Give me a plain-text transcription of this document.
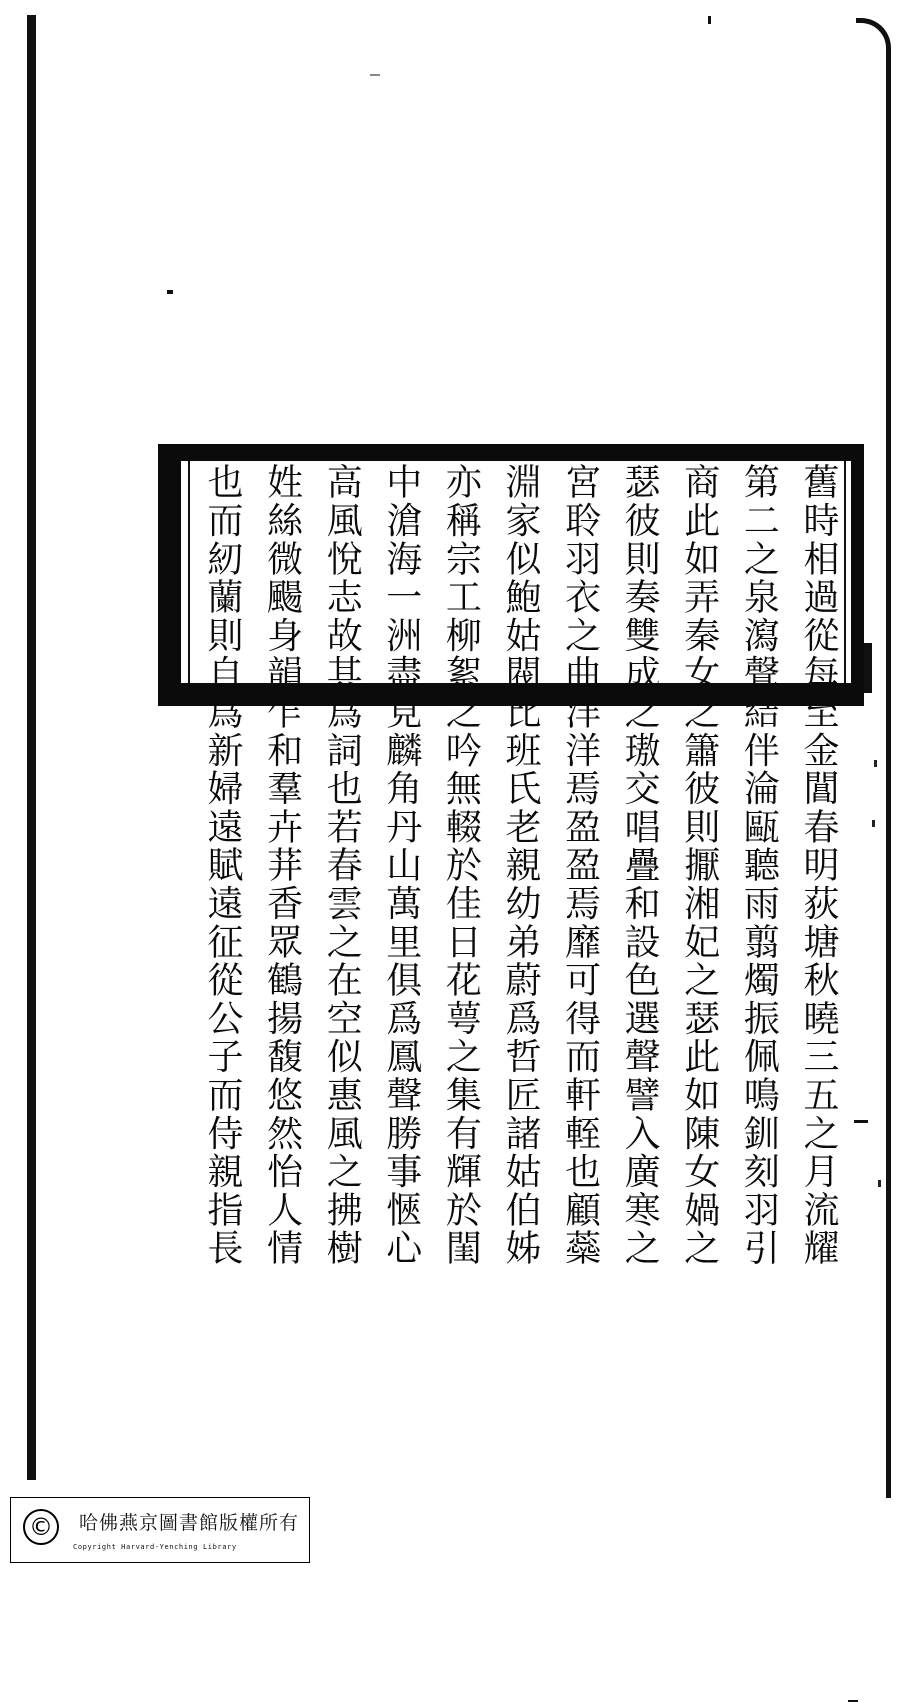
舊時相過從每至金閶春明荻塘秋曉三五之月流耀
第二之泉瀉聲結伴淪甌聽雨翦燭振佩鳴釧刻羽引
商此如弄秦女之簫彼則擫湘妃之瑟此如陳女媧之
瑟彼則奏雙成之璈交唱疊和設色選聲譬入廣寒之
宮聆羽衣之曲洋洋焉盈盈焉靡可得而軒輊也顧蘂
淵家似鮑姑閥比班氏老親幼弟蔚爲哲匠諸姑伯姊
亦稱宗工柳絮之吟無輟於佳日花萼之集有輝於閨
中滄海一洲盡見麟角丹山萬里俱爲鳳聲勝事愜心
高風悅志故其爲詞也若春雲之在空似惠風之拂樹
姓絲微颺身韻乍和羣卉荓香眾鶴揚馥悠然怡人情
也而紉蘭則自爲新婦遠賦遠征從公子而侍親指長
©	哈佛燕京圖書館版權所有
Copyright Harvard-Yenching Library
